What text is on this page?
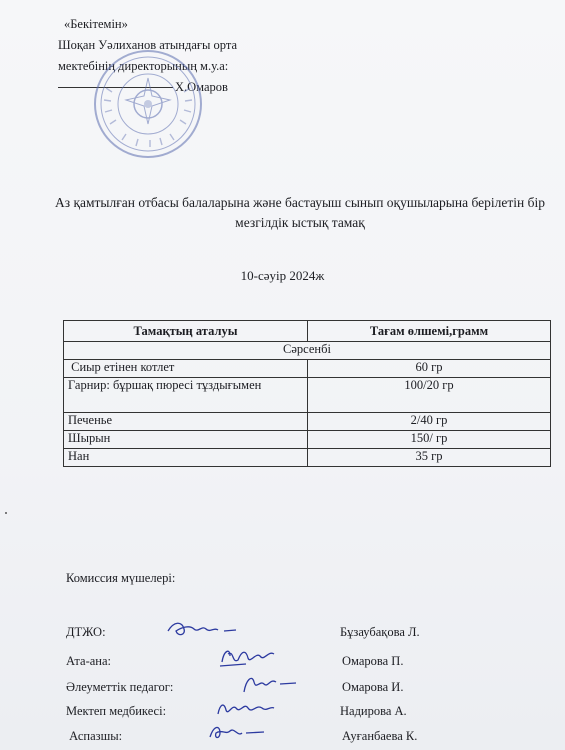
«Бекітемін»
Шоқан Уәлиханов атындағы орта
мектебінің директорының м.у.а:
Х.Омаров
Аз қамтылған отбасы балаларына және бастауыш сынып оқушыларына берілетін бір мезгілдік ыстық тамақ
10-сәуір 2024ж
Тамақтың аталуы	Тағам өлшемі,грамм
Сәрсенбі	
Сиыр етінен котлет	60 гр
Гарнир: бұршақ пюресі тұздығымен	100/20 гр
Печенье	2/40 гр
Шырын	150/ гр
Нан	35 гр
Комиссия мүшелері:
ДТЖО:	Бұзаубақова Л.
Ата-ана:	Омарова П.
Әлеуметтік педагог:	Омарова И.
Мектеп медбикесі:	Надирова А.
Аспазшы:	Ауғанбаева К.
